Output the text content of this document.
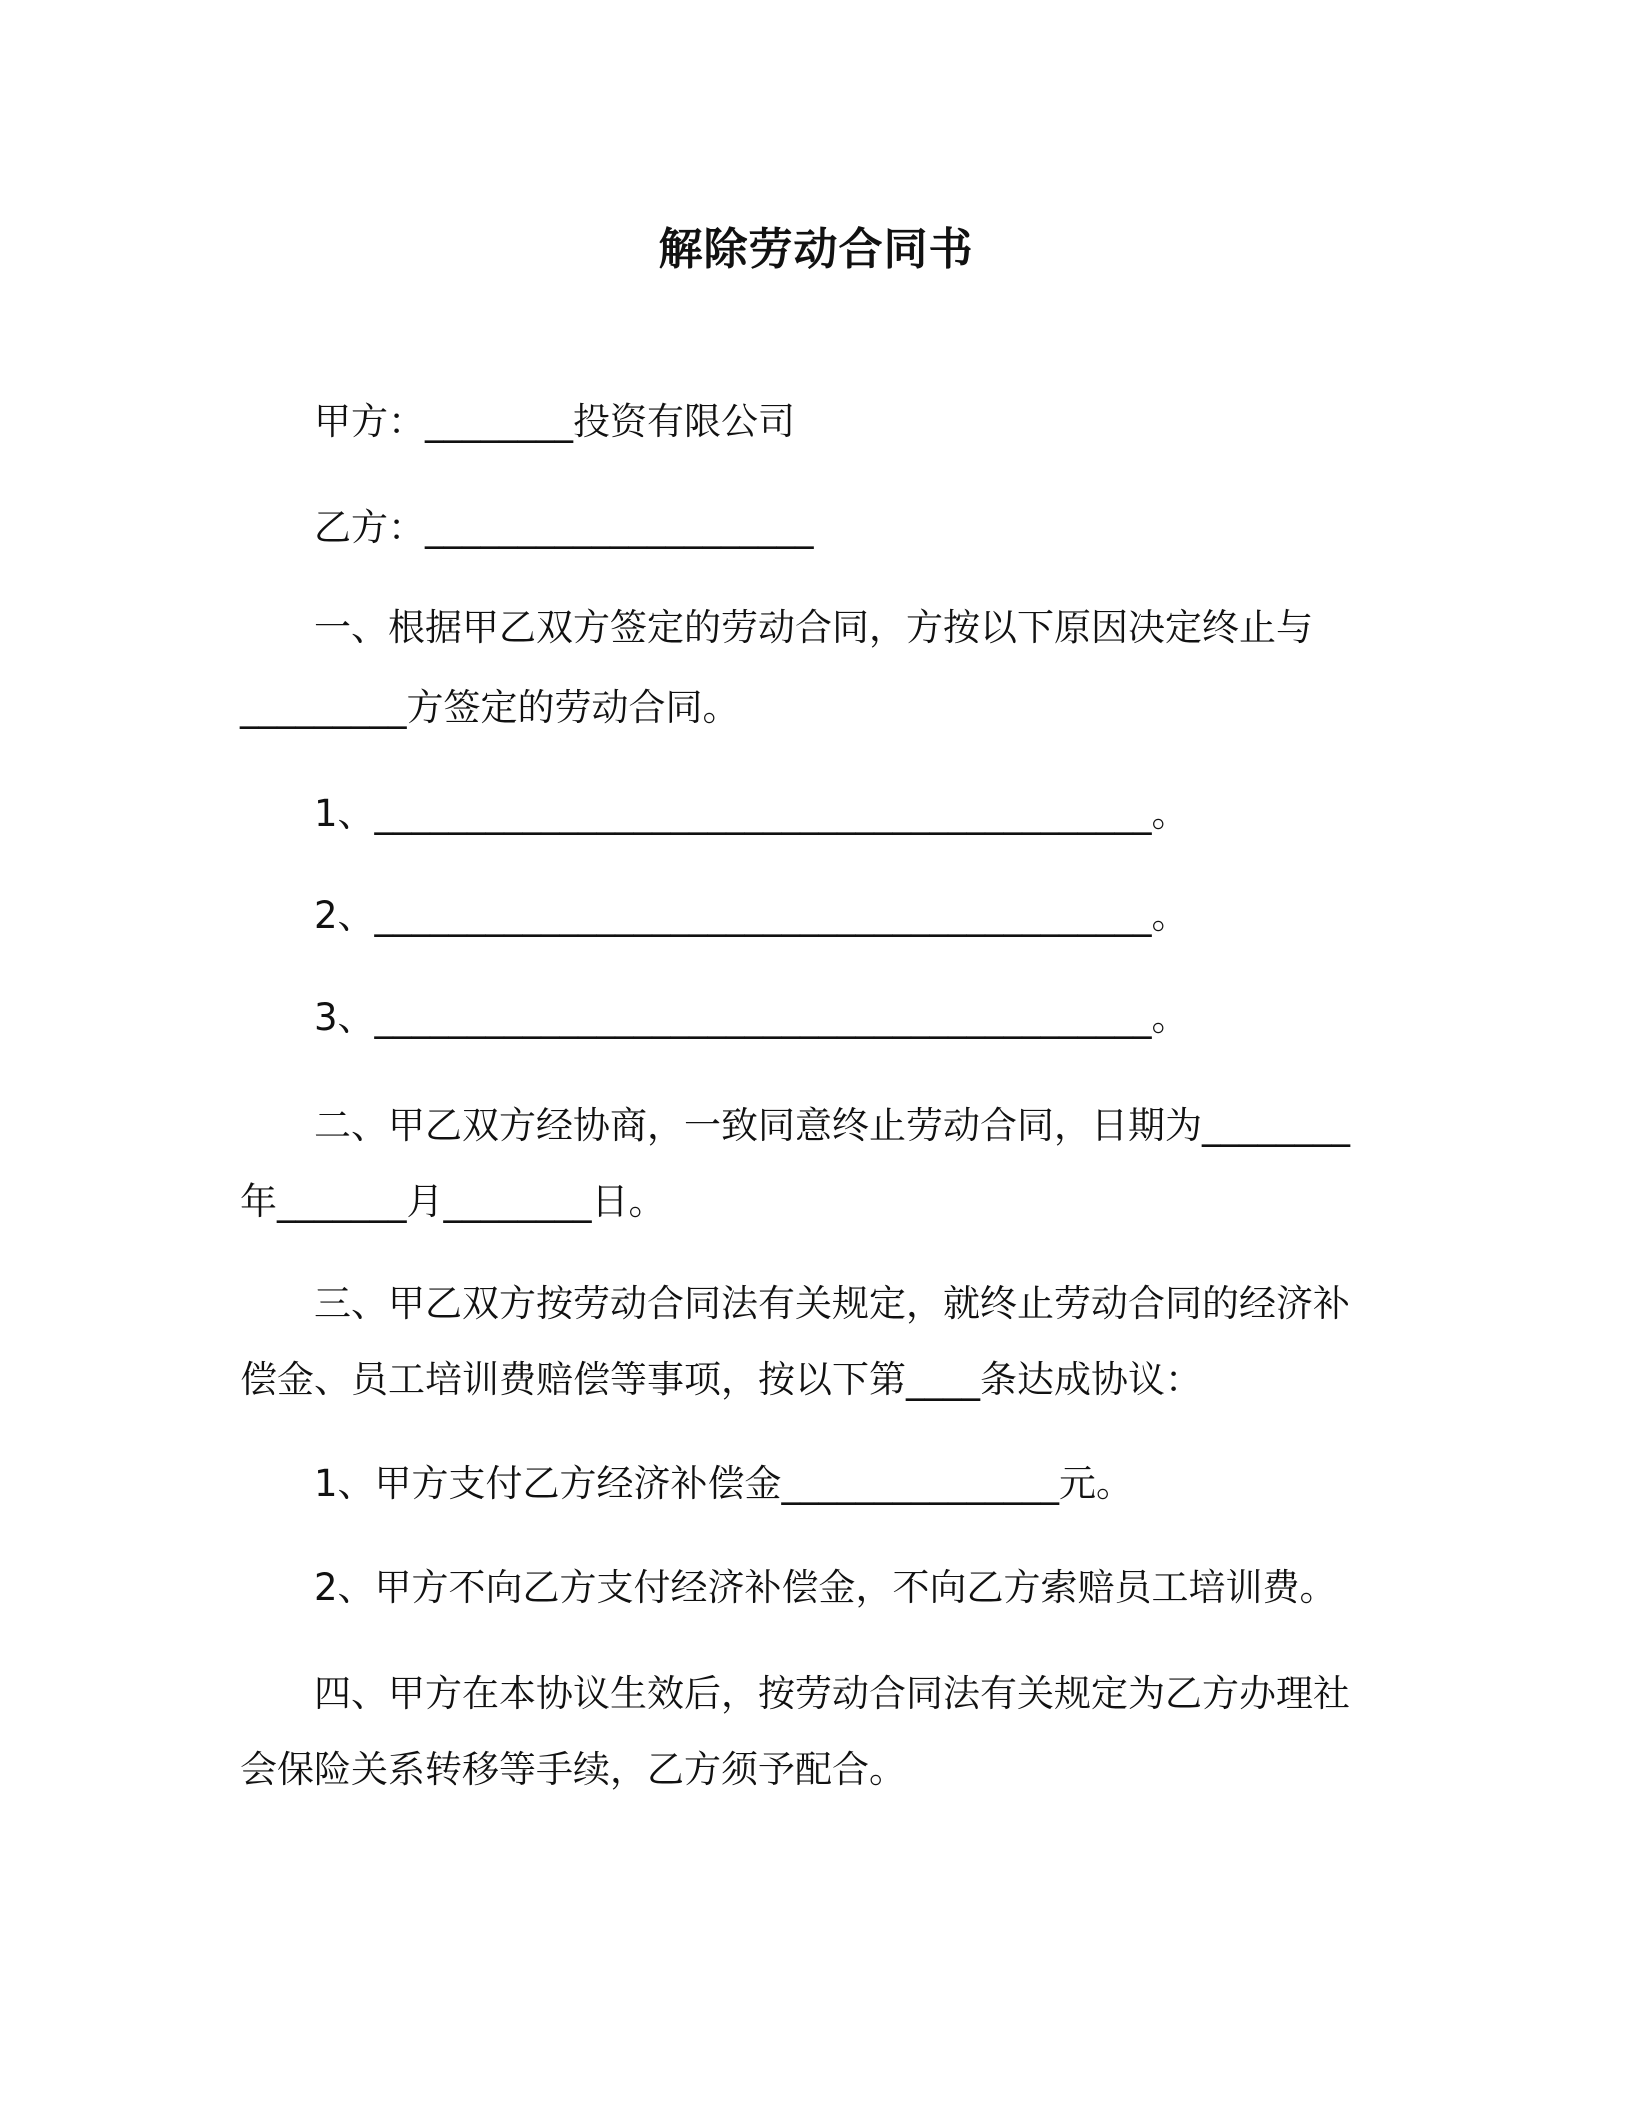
解除劳动合同书
甲方：________投资有限公司
乙方：_____________________
一、根据甲乙双方签定的劳动合同，方按以下原因决定终止与
_________方签定的劳动合同。
1、__________________________________________。
2、__________________________________________。
3、__________________________________________。
二、甲乙双方经协商，一致同意终止劳动合同，日期为________
年_______月________日。
三、甲乙双方按劳动合同法有关规定，就终止劳动合同的经济补
偿金、员工培训费赔偿等事项，按以下第____条达成协议：
1、甲方支付乙方经济补偿金_______________元。
2、甲方不向乙方支付经济补偿金，不向乙方索赔员工培训费。
四、甲方在本协议生效后，按劳动合同法有关规定为乙方办理社
会保险关系转移等手续，乙方须予配合。
